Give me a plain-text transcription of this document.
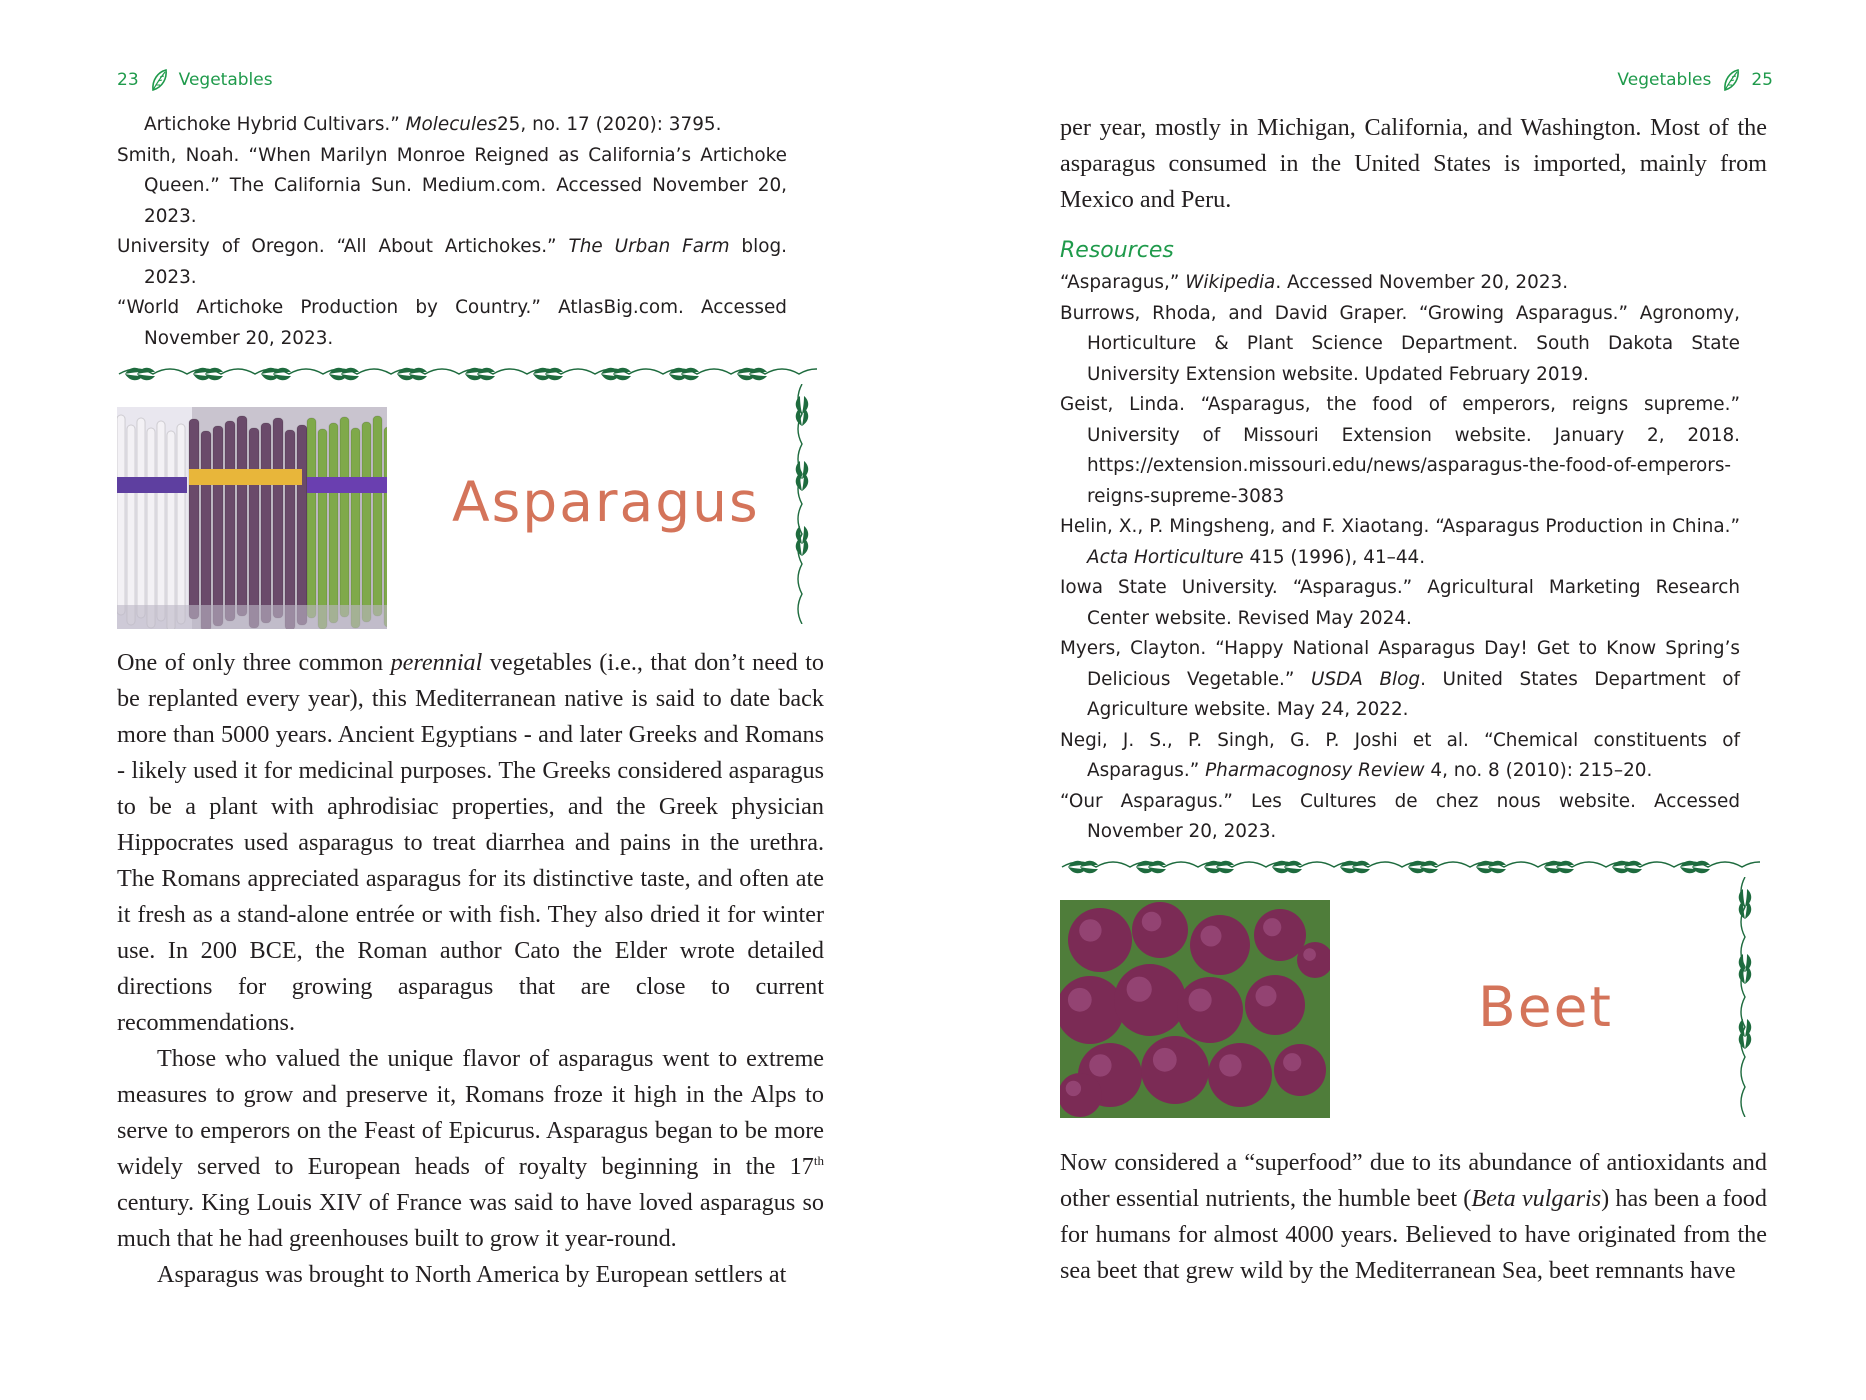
23 Vegetables
Artichoke Hybrid Cultivars.” Molecules25, no. 17 (2020): 3795.
Smith, Noah. “When Marilyn Monroe Reigned as California’s Artichoke Queen.” The California Sun. Medium.com. Accessed November 20, 2023.
University of Oregon. “All About Artichokes.” The Urban Farm blog. 2023.
“World Artichoke Production by Country.” AtlasBig.com. Accessed November 20, 2023.
Asparagus

One of only three common perennial vegetables (i.e., that don’t need to be replanted every year), this Mediterranean native is said to date back more than 5000 years. Ancient Egyptians - and later Greeks and Romans - likely used it for medicinal purposes. The Greeks considered asparagus to be a plant with aphrodisiac properties, and the Greek physician Hippocrates used asparagus to treat diarrhea and pains in the urethra. The Romans appreciated asparagus for its distinctive taste, and often ate it fresh as a stand-alone entrée or with fish. They also dried it for winter use. In 200 BCE, the Roman author Cato the Elder wrote detailed directions for growing asparagus that are close to current recommendations.

Those who valued the unique flavor of asparagus went to extreme measures to grow and preserve it, Romans froze it high in the Alps to serve to emperors on the Feast of Epicurus. Asparagus began to be more widely served to European heads of royalty beginning in the 17th century. King Louis XIV of France was said to have loved asparagus so much that he had greenhouses built to grow it year-round.

Asparagus was brought to North America by European settlers at

Vegetables 25

per year, mostly in Michigan, California, and Washington. Most of the asparagus consumed in the United States is imported, mainly from Mexico and Peru.

Resources
“Asparagus,” Wikipedia. Accessed November 20, 2023.
Burrows, Rhoda, and David Graper. “Growing Asparagus.” Agronomy, Horticulture & Plant Science Department. South Dakota State University Extension website. Updated February 2019.
Geist, Linda. “Asparagus, the food of emperors, reigns supreme.” University of Missouri Extension website. January 2, 2018. https://extension.missouri.edu/news/asparagus-the-food-of-emperors-reigns-supreme-3083
Helin, X., P. Mingsheng, and F. Xiaotang. “Asparagus Production in China.” Acta Horticulture 415 (1996), 41–44.
Iowa State University. “Asparagus.” Agricultural Marketing Research Center website. Revised May 2024.
Myers, Clayton. “Happy National Asparagus Day! Get to Know Spring’s Delicious Vegetable.” USDA Blog. United States Department of Agriculture website. May 24, 2022.
Negi, J. S., P. Singh, G. P. Joshi et al. “Chemical constituents of Asparagus.” Pharmacognosy Review 4, no. 8 (2010): 215–20.
“Our Asparagus.” Les Cultures de chez nous website. Accessed November 20, 2023.
Beet

Now considered a “superfood” due to its abundance of antioxidants and other essential nutrients, the humble beet (Beta vulgaris) has been a food for humans for almost 4000 years. Believed to have originated from the sea beet that grew wild by the Mediterranean Sea, beet remnants have
